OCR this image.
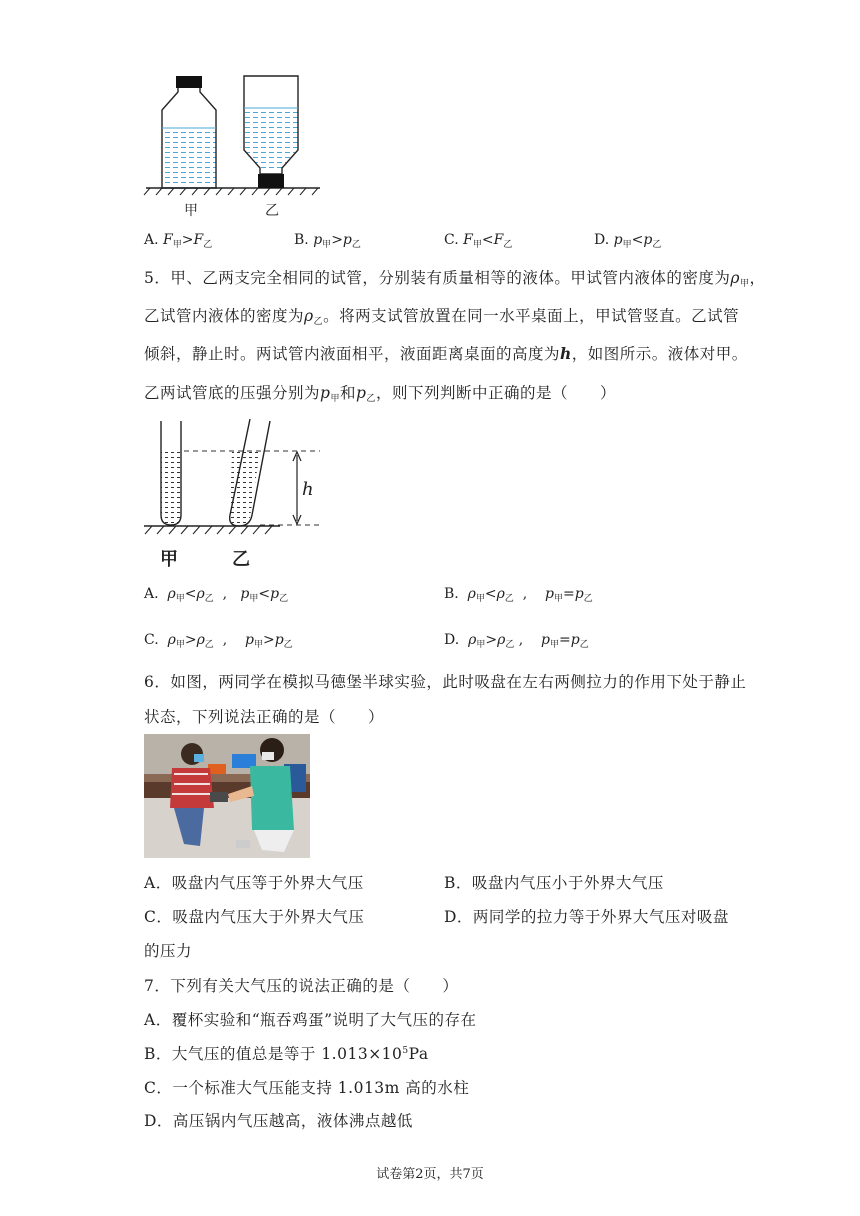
甲	乙
A. $F_甲>F_乙$	B. $p_甲>p_乙$	C. $F_甲<F_乙$	D. $p_甲<p_乙$
5．甲、乙两支完全相同的试管，分别装有质量相等的液体。甲试管内液体的密度为ρ甲，
乙试管内液体的密度为ρ乙。将两支试管放置在同一水平桌面上，甲试管竖直。乙试管
倾斜，静止时。两试管内液面相平，液面距离桌面的高度为h，如图所示。液体对甲。
乙两试管底的压强分别为p甲和p乙，则下列判断中正确的是（　　）
甲	乙
h
A. $\rho_甲<\rho_乙$  ,   $p_甲<p_乙$	B. $\rho_甲<\rho_乙$  ,    $p_甲=p_乙$
C. $\rho_甲>\rho_乙$  ,    $p_甲>p_乙$	D. $\rho_甲>\rho_乙$ ,    $p_甲=p_乙$
6．如图，两同学在模拟马德堡半球实验，此时吸盘在左右两侧拉力的作用下处于静止
状态，下列说法正确的是（　　）
A．吸盘内气压等于外界大气压	B．吸盘内气压小于外界大气压
C．吸盘内气压大于外界大气压	D．两同学的拉力等于外界大气压对吸盘
的压力
7．下列有关大气压的说法正确的是（　　）
A．覆杯实验和“瓶吞鸡蛋”说明了大气压的存在
B．大气压的值总是等于 $1.013\times 10^5Pa$
C．一个标准大气压能支持 1.013m 高的水柱
D．高压锅内气压越高，液体沸点越低
试卷第2页，共7页
